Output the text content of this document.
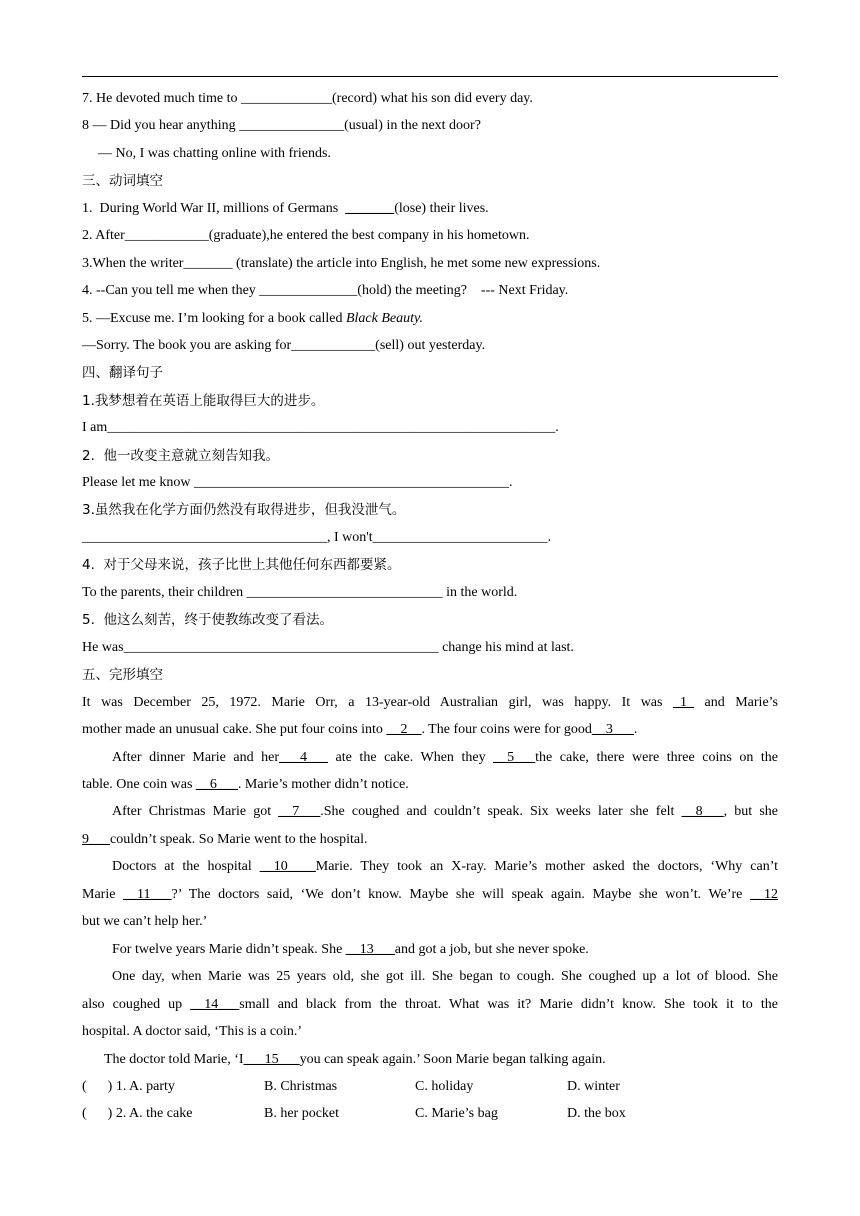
7. He devoted much time to _____________(record) what his son did every day.
8 — Did you hear anything _______________(usual) in the next door?
— No, I was chatting online with friends.
三、动词填空
1.  During World War II, millions of Germans  _______(lose) their lives.
2. After____________(graduate),he entered the best company in his hometown.
3.When the writer_______ (translate) the article into English, he met some new expressions.
4. --Can you tell me when they ______________(hold) the meeting?    --- Next Friday.
5. —Excuse me. I’m looking for a book called Black Beauty.
—Sorry. The book you are asking for____________(sell) out yesterday.
四、翻译句子
1.我梦想着在英语上能取得巨大的进步。
I am________________________________________________________________.
2.  他一改变主意就立刻告知我。
Please let me know _____________________________________________.
3.虽然我在化学方面仍然没有取得进步，但我没泄气。
___________________________________, I won't_________________________.
4.  对于父母来说，孩子比世上其他任何东西都要紧。
To the parents, their children ____________________________ in the world.
5.  他这么刻苦，终于使教练改变了看法。
He was_____________________________________________ change his mind at last.
五、完形填空
It was December 25, 1972. Marie Orr, a 13-year-old Australian girl, was happy. It was _1_ and Marie’s
mother made an unusual cake. She put four coins into __2__. The four coins were for good__3___.
After dinner Marie and her___4___ ate the cake. When they __5___the cake, there were three coins on the
table. One coin was __6___. Marie’s mother didn’t notice.
After Christmas Marie got __7___.She coughed and couldn’t speak. Six weeks later she felt __8___, but she
9___couldn’t speak. So Marie went to the hospital.
Doctors at the hospital __10____Marie. They took an X-ray. Marie’s mother asked the doctors, ‘Why can’t
Marie __11___?’ The doctors said, ‘We don’t know. Maybe she will speak again. Maybe she won’t. We’re __12
but we can’t help her.’
For twelve years Marie didn’t speak. She __13___and got a job, but she never spoke.
One day, when Marie was 25 years old, she got ill. She began to cough. She coughed up a lot of blood. She
also coughed up __14___small and black from the throat. What was it? Marie didn’t know. She took it to the
hospital. A doctor said, ‘This is a coin.’
The doctor told Marie, ‘I___15___you can speak again.’ Soon Marie began talking again.
(      ) 1. A. party	B. Christmas	C. holiday	D. winter
(      ) 2. A. the cake	B. her pocket	C. Marie’s bag	D. the box
